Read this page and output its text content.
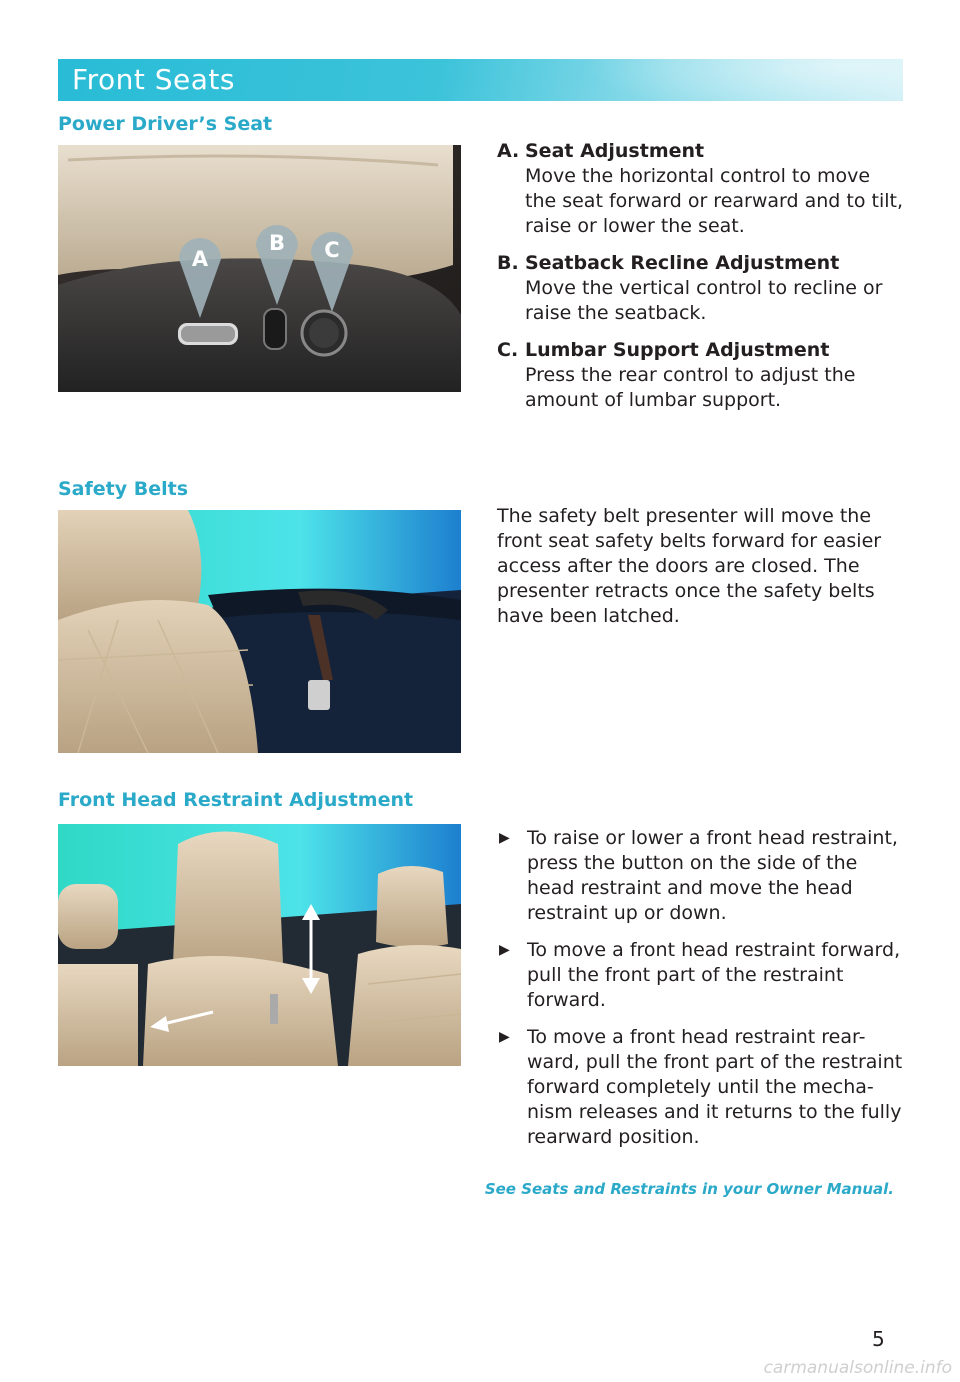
Front Seats
Power Driver’s Seat
A
B	C
A. Seat Adjustment
Move the horizontal control to move the seat forward or rearward and to tilt, raise or lower the seat.
B. Seatback Recline Adjustment
Move the vertical control to recline or raise the seatback.
C. Lumbar Support Adjustment
Press the rear control to adjust the amount of lumbar support.
Safety Belts
The safety belt presenter will move the front seat safety belts forward for easier access after the doors are closed. The presenter retracts once the safety belts have been latched.
Front Head Restraint Adjustment
▶ To raise or lower a front head restraint, press the button on the side of the head restraint and move the head restraint up or down.
▶ To move a front head restraint forward, pull the front part of the restraint forward.
▶ To move a front head restraint rear-ward, pull the front part of the restraint forward completely until the mecha-nism releases and it returns to the fully rearward position.
See Seats and Restraints in your Owner Manual.
5
carmanualsonline.info
